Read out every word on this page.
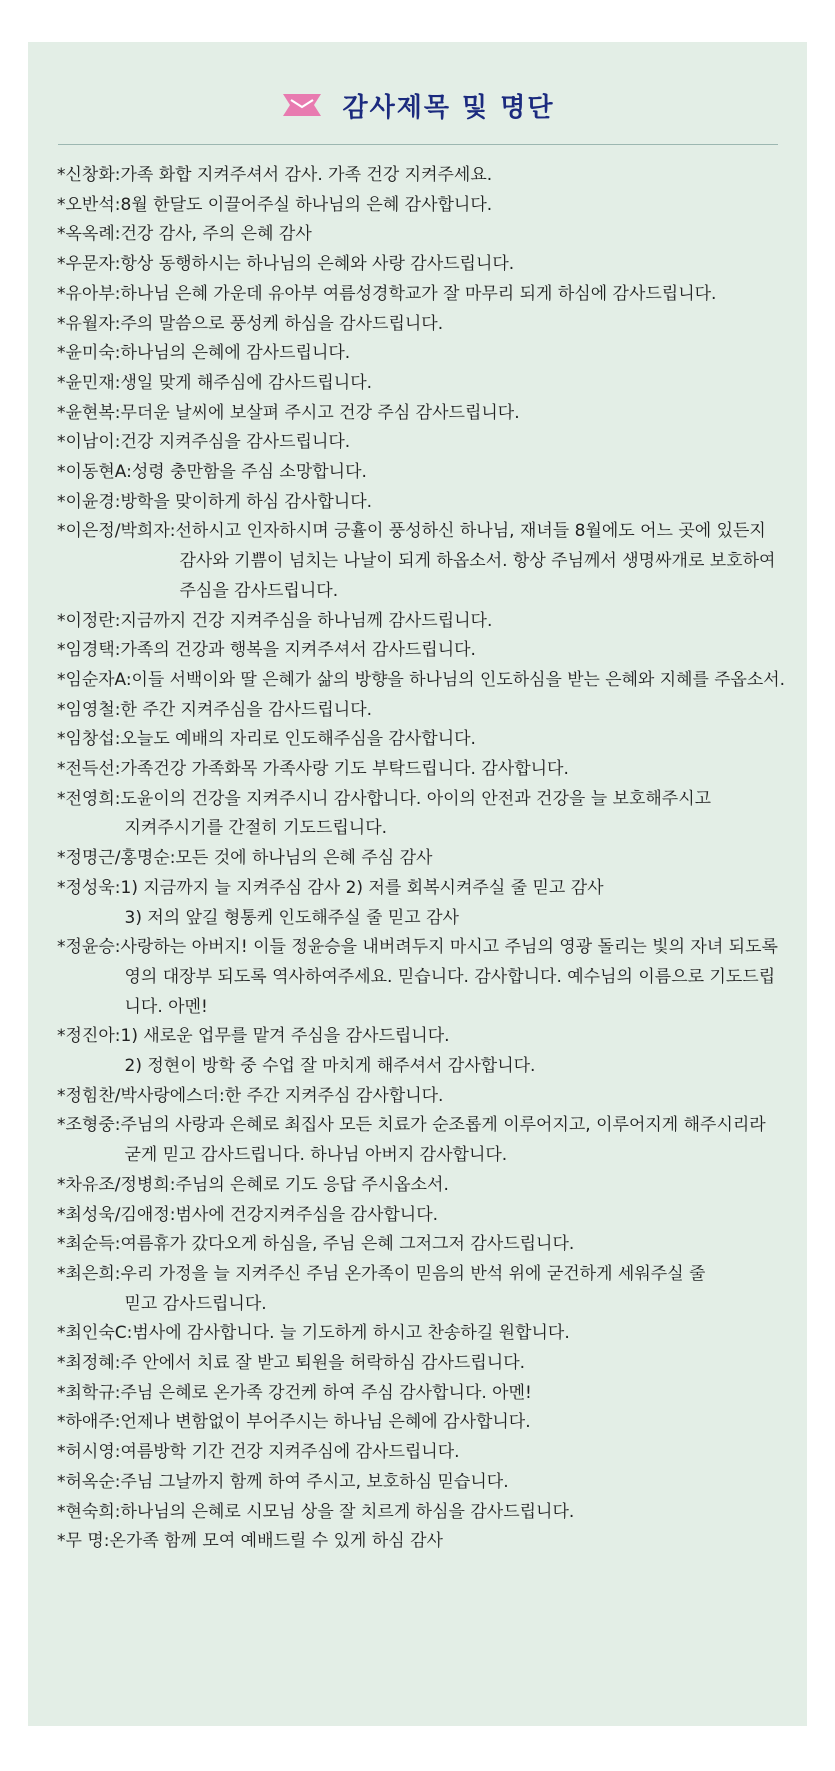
감사제목 및 명단
*신창화: 가족 화합 지켜주셔서 감사. 가족 건강 지켜주세요.
*오반석: 8월 한달도 이끌어주실 하나님의 은혜 감사합니다.
*옥옥례: 건강 감사, 주의 은혜 감사
*우문자: 항상 동행하시는 하나님의 은혜와 사랑 감사드립니다.
*유아부: 하나님 은혜 가운데 유아부 여름성경학교가 잘 마무리 되게 하심에 감사드립니다.
*유월자: 주의 말씀으로 풍성케 하심을 감사드립니다.
*윤미숙: 하나님의 은혜에 감사드립니다.
*윤민재: 생일 맞게 해주심에 감사드립니다.
*윤현복: 무더운 날씨에 보살펴 주시고 건강 주심 감사드립니다.
*이남이: 건강 지켜주심을 감사드립니다.
*이동현A: 성령 충만함을 주심 소망합니다.
*이윤경: 방학을 맞이하게 하심 감사합니다.
*이은정/박희자: 선하시고 인자하시며 긍휼이 풍성하신 하나님, 재녀들 8월에도 어느 곳에 있든지
감사와 기쁨이 넘치는 나날이 되게 하옵소서. 항상 주님께서 생명싸개로 보호하여
주심을 감사드립니다.
*이정란: 지금까지 건강 지켜주심을 하나님께 감사드립니다.
*임경택: 가족의 건강과 행복을 지켜주셔서 감사드립니다.
*임순자A: 이들 서백이와 딸 은혜가 삶의 방향을 하나님의 인도하심을 받는 은혜와 지혜를 주옵소서.
*임영철: 한 주간 지켜주심을 감사드립니다.
*임창섭: 오늘도 예배의 자리로 인도해주심을 감사합니다.
*전득선: 가족건강 가족화목 가족사랑 기도 부탁드립니다. 감사합니다.
*전영희: 도윤이의 건강을 지켜주시니 감사합니다. 아이의 안전과 건강을 늘 보호해주시고
지켜주시기를 간절히 기도드립니다.
*정명근/홍명순: 모든 것에 하나님의 은혜 주심 감사
*정성욱: 1) 지금까지 늘 지켜주심 감사 2) 저를 회복시켜주실 줄 믿고 감사
3) 저의 앞길 형통케 인도해주실 줄 믿고 감사
*정윤승: 사랑하는 아버지! 이들 정윤승을 내버려두지 마시고 주님의 영광 돌리는 빛의 자녀 되도록
영의 대장부 되도록 역사하여주세요. 믿습니다. 감사합니다. 예수님의 이름으로 기도드립
니다. 아멘!
*정진아: 1) 새로운 업무를 맡겨 주심을 감사드립니다.
2) 정현이 방학 중 수업 잘 마치게 해주셔서 감사합니다.
*정힘찬/박사랑에스더: 한 주간 지켜주심 감사합니다.
*조형중: 주님의 사랑과 은혜로 최집사 모든 치료가 순조롭게 이루어지고, 이루어지게 해주시리라
굳게 믿고 감사드립니다. 하나님 아버지 감사합니다.
*차유조/정병희: 주님의 은혜로 기도 응답 주시옵소서.
*최성욱/김애정: 범사에 건강지켜주심을 감사합니다.
*최순득: 여름휴가 갔다오게 하심을, 주님 은혜 그저그저 감사드립니다.
*최은희: 우리 가정을 늘 지켜주신 주님 온가족이 믿음의 반석 위에 굳건하게 세워주실 줄
믿고 감사드립니다.
*최인숙C: 범사에 감사합니다. 늘 기도하게 하시고 찬송하길 원합니다.
*최정혜: 주 안에서 치료 잘 받고 퇴원을 허락하심 감사드립니다.
*최학규: 주님 은혜로 온가족 강건케 하여 주심 감사합니다. 아멘!
*하애주: 언제나 변함없이 부어주시는 하나님 은혜에 감사합니다.
*허시영: 여름방학 기간 건강 지켜주심에 감사드립니다.
*허옥순: 주님 그날까지 함께 하여 주시고, 보호하심 믿습니다.
*현숙희: 하나님의 은혜로 시모님 상을 잘 치르게 하심을 감사드립니다.
*무 명: 온가족 함께 모여 예배드릴 수 있게 하심 감사
